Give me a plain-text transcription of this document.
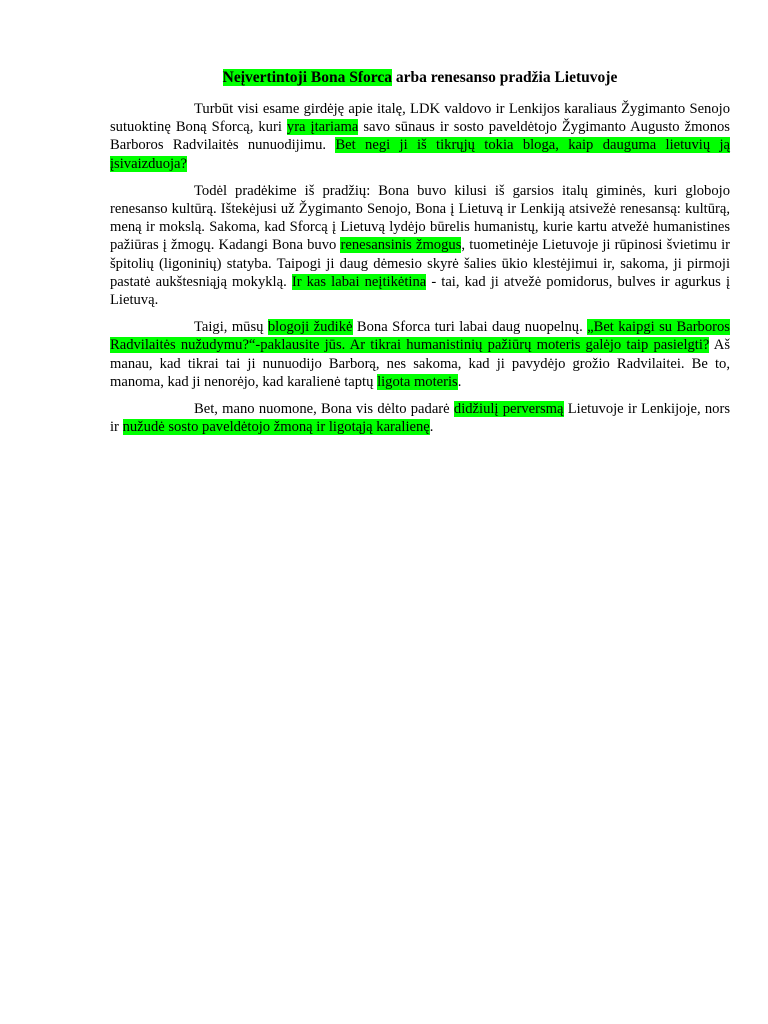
Neįvertintoji Bona Sforca arba renesanso pradžia Lietuvoje

Turbūt visi esame girdėję apie italę, LDK valdovo ir Lenkijos karaliaus Žygimanto Senojo sutuoktinę Boną Sforcą, kuri yra įtariama savo sūnaus ir sosto paveldėtojo Žygimanto Augusto žmonos Barboros Radvilaitės nunuodijimu. Bet negi ji iš tikrųjų tokia bloga, kaip dauguma lietuvių ją įsivaizduoja?

Todėl pradėkime iš pradžių: Bona buvo kilusi iš garsios italų giminės, kuri globojo renesanso kultūrą. Ištekėjusi už Žygimanto Senojo, Bona į Lietuvą ir Lenkiją atsivežė renesansą: kultūrą, meną ir mokslą. Sakoma, kad Sforcą į Lietuvą lydėjo būrelis humanistų, kurie kartu atvežė humanistines pažiūras į žmogų. Kadangi Bona buvo renesansinis žmogus, tuometinėje Lietuvoje ji rūpinosi švietimu ir špitolių (ligoninių) statyba. Taipogi ji daug dėmesio skyrė šalies ūkio klestėjimui ir, sakoma, ji pirmoji pastatė aukštesniąją mokyklą. Ir kas labai neįtikėtina - tai, kad ji atvežė pomidorus, bulves ir agurkus į Lietuvą.

Taigi, mūsų blogoji žudikė Bona Sforca turi labai daug nuopelnų. „Bet kaipgi su Barboros Radvilaitės nužudymu?“-paklausite jūs. Ar tikrai humanistinių pažiūrų moteris galėjo taip pasielgti? Aš manau, kad tikrai tai ji nunuodijo Barborą, nes sakoma, kad ji pavydėjo grožio Radvilaitei. Be to, manoma, kad ji nenorėjo, kad karalienė taptų ligota moteris.

Bet, mano nuomone, Bona vis dėlto padarė didžiulį perversmą Lietuvoje ir Lenkijoje, nors ir nužudė sosto paveldėtojo žmoną ir ligotąją karalienę.
